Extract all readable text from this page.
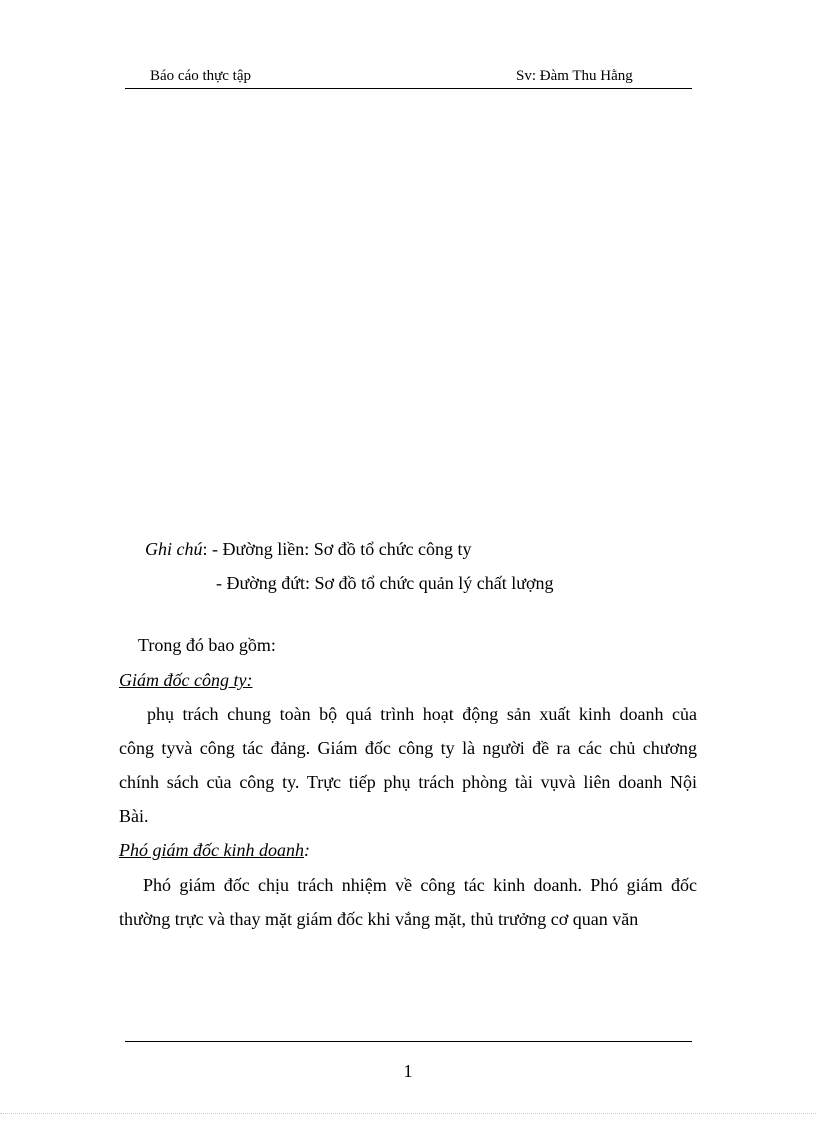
Báo cáo thực tập	Sv: Đàm Thu Hằng
Ghi chú: - Đường liền: Sơ đồ tổ chức công ty
- Đường đứt: Sơ đồ tổ chức quản lý chất lượng
Trong đó bao gồm:
Giám đốc công ty:
phụ trách chung toàn bộ quá trình hoạt động sản xuất kinh doanh của
công tyvà công tác đảng. Giám đốc công ty là người đề ra các chủ chương
chính sách của công ty. Trực tiếp phụ trách phòng tài vụvà liên doanh Nội
Bài.
Phó giám đốc kinh doanh:
Phó giám đốc chịu trách nhiệm về công tác kinh doanh. Phó giám đốc
thường trực và thay mặt giám đốc khi vắng mặt, thủ trưởng cơ quan văn
1
